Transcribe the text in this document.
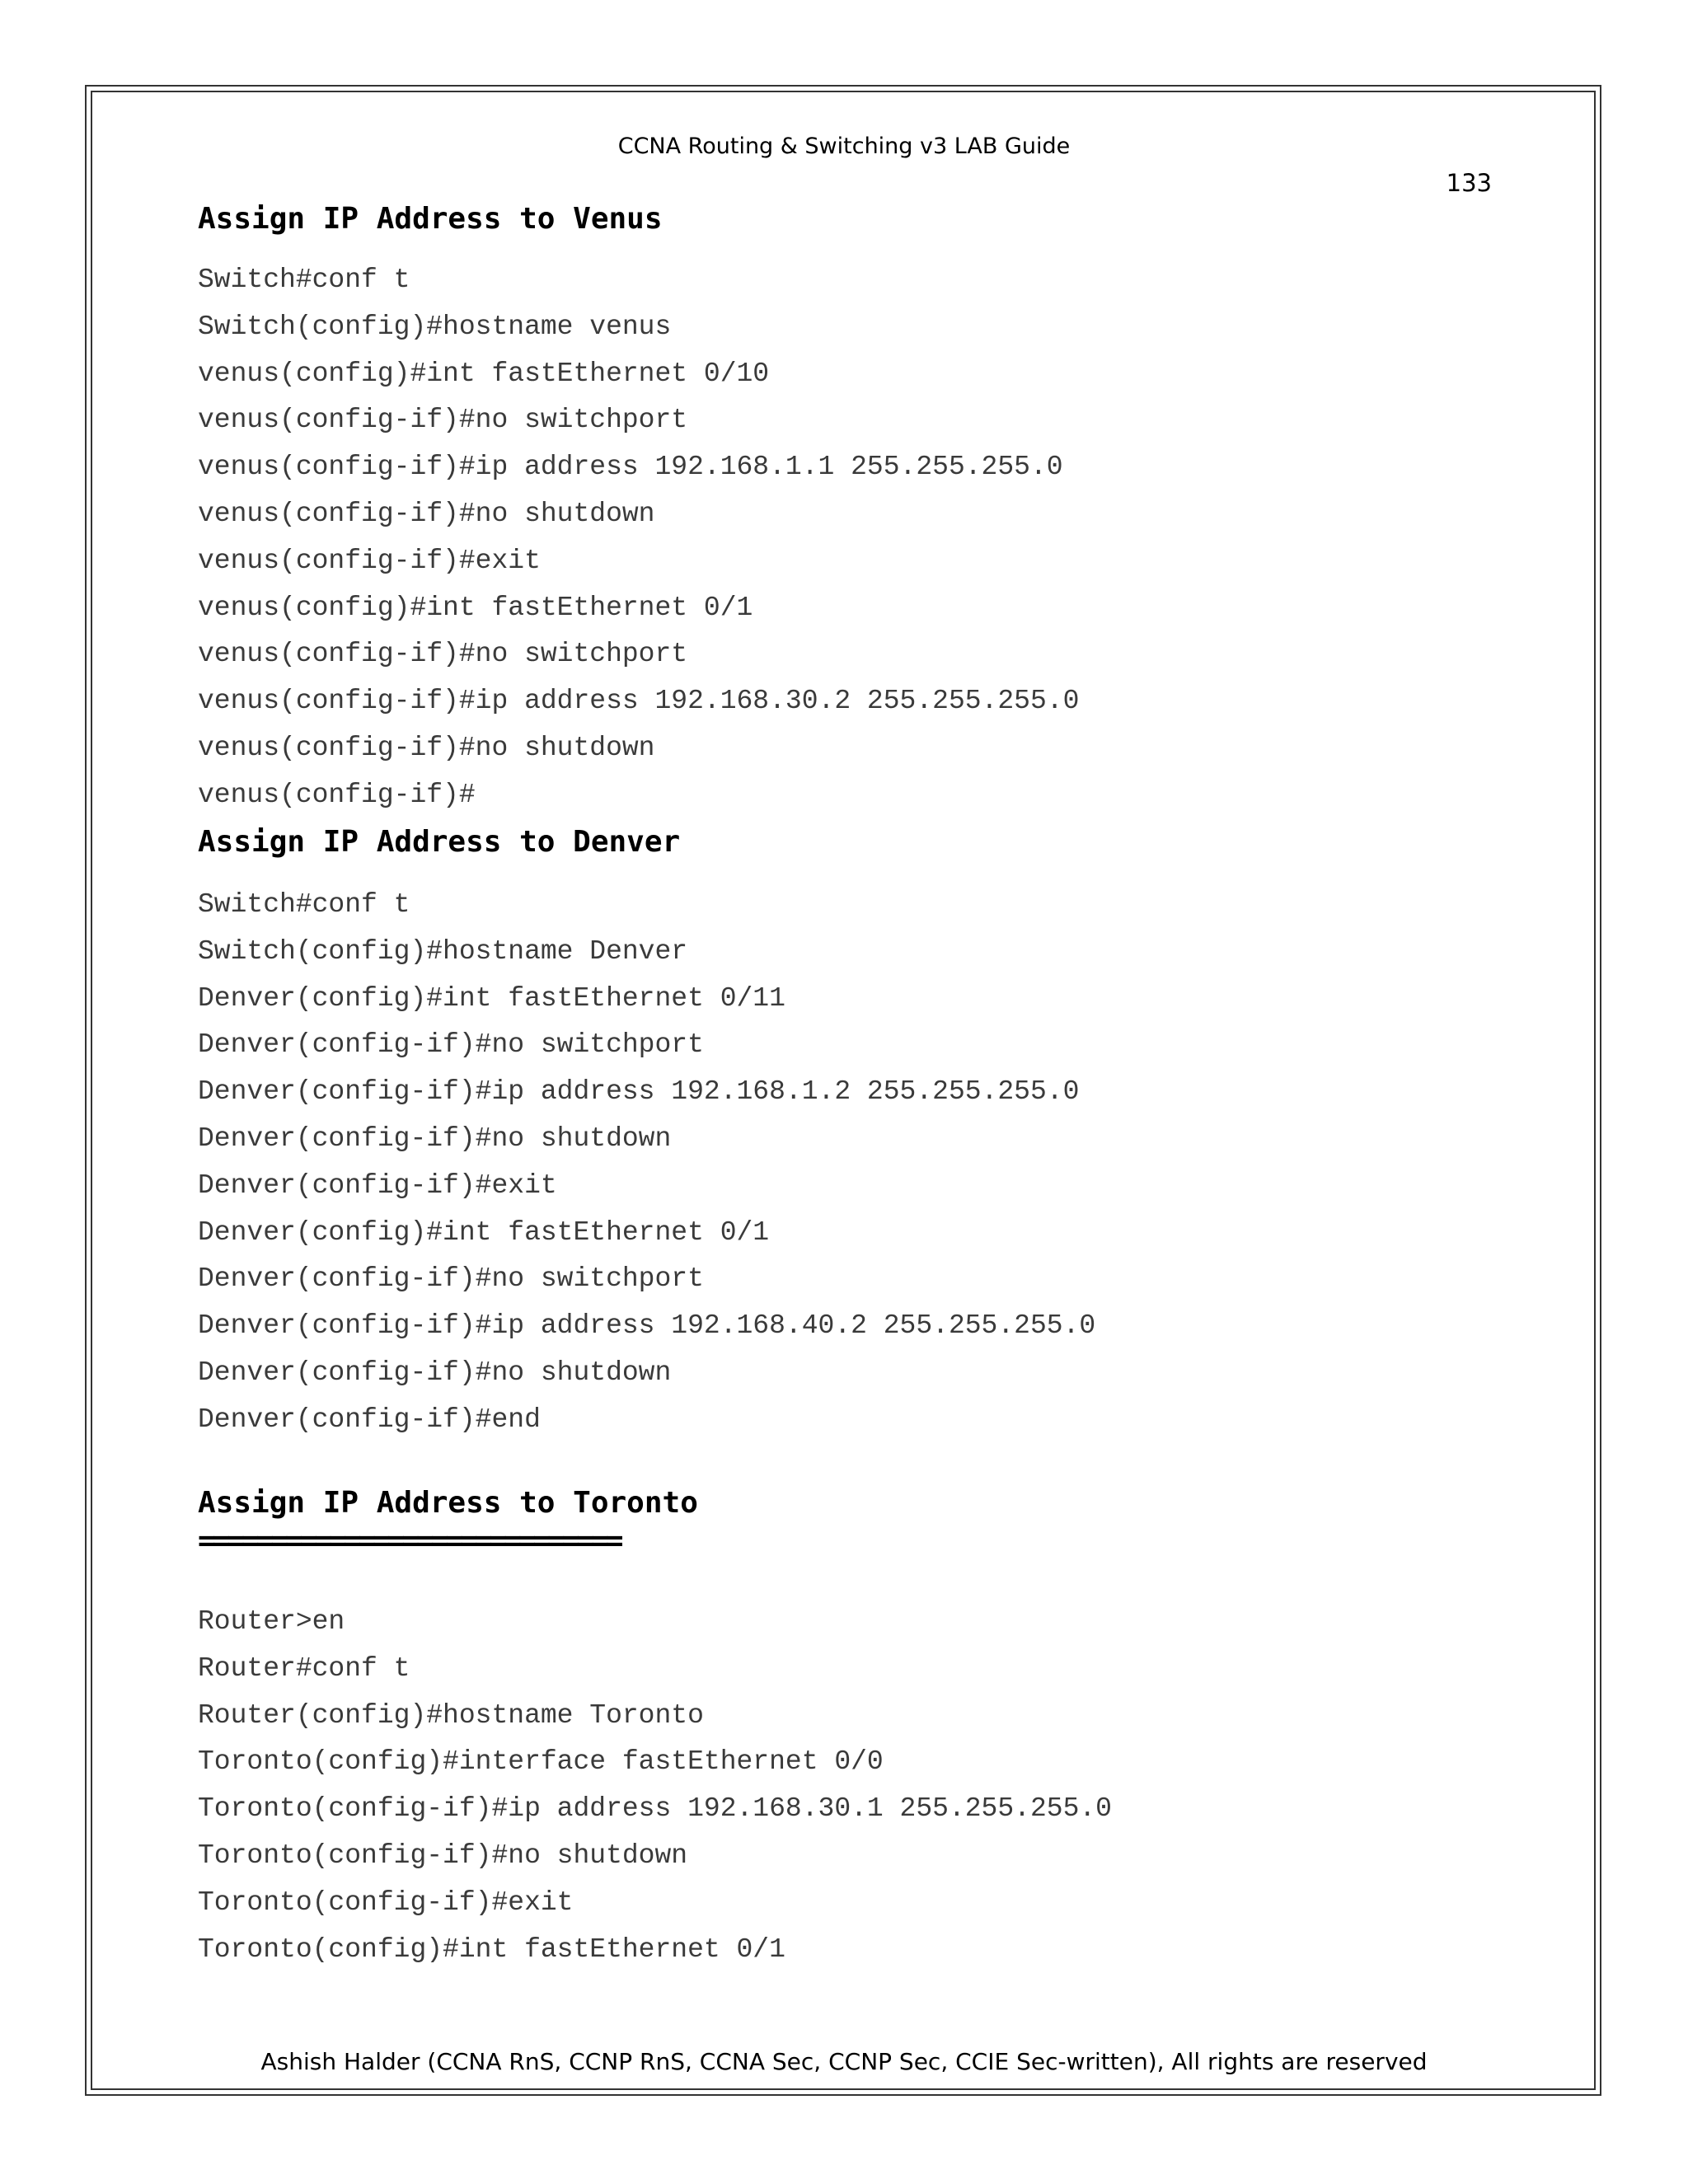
CCNA Routing & Switching v3 LAB Guide
133
Assign IP Address to Venus
Switch#conf t
Switch(config)#hostname venus
venus(config)#int fastEthernet 0/10
venus(config-if)#no switchport
venus(config-if)#ip address 192.168.1.1 255.255.255.0
venus(config-if)#no shutdown
venus(config-if)#exit
venus(config)#int fastEthernet 0/1
venus(config-if)#no switchport
venus(config-if)#ip address 192.168.30.2 255.255.255.0
venus(config-if)#no shutdown
venus(config-if)#
Assign IP Address to Denver
Switch#conf t
Switch(config)#hostname Denver
Denver(config)#int fastEthernet 0/11
Denver(config-if)#no switchport
Denver(config-if)#ip address 192.168.1.2 255.255.255.0
Denver(config-if)#no shutdown
Denver(config-if)#exit
Denver(config)#int fastEthernet 0/1
Denver(config-if)#no switchport
Denver(config-if)#ip address 192.168.40.2 255.255.255.0
Denver(config-if)#no shutdown
Denver(config-if)#end
Assign IP Address to Toronto
=============================
Router>en
Router#conf t
Router(config)#hostname Toronto
Toronto(config)#interface fastEthernet 0/0
Toronto(config-if)#ip address 192.168.30.1 255.255.255.0
Toronto(config-if)#no shutdown
Toronto(config-if)#exit
Toronto(config)#int fastEthernet 0/1
Ashish Halder (CCNA RnS, CCNP RnS, CCNA Sec, CCNP Sec, CCIE Sec-written), All rights are reserved
